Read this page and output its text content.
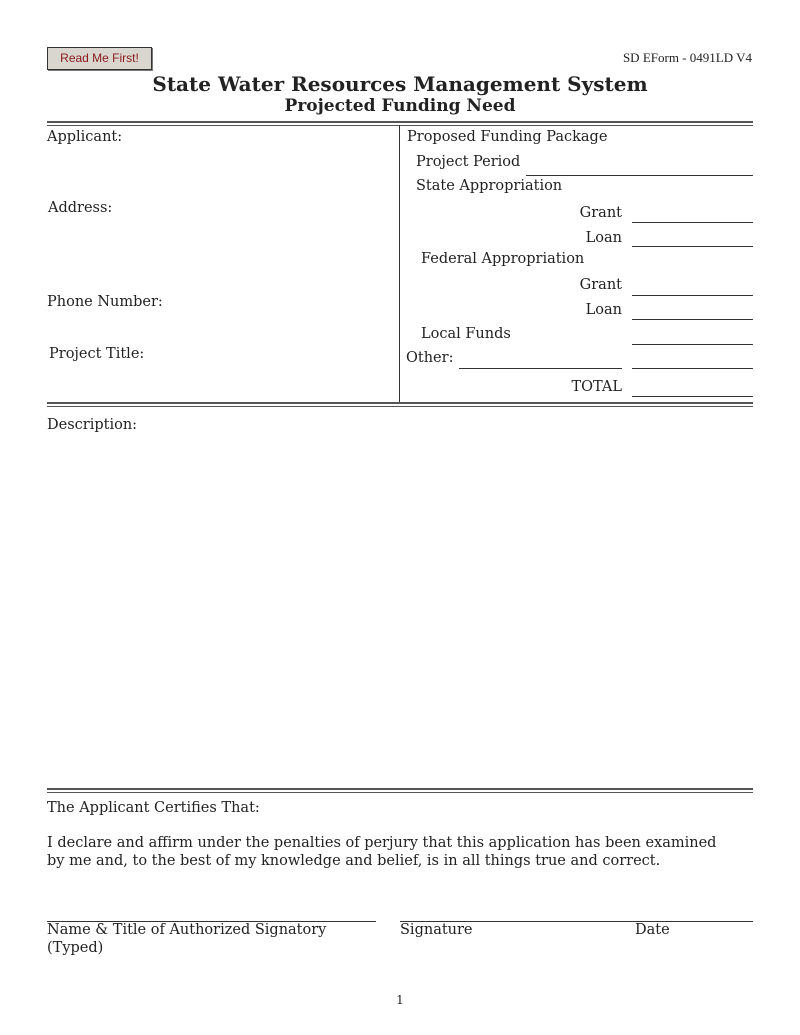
Read Me First!	SD EForm - 0491LD V4
State Water Resources Management System
Projected Funding Need
Applicant:
Address:
Phone Number:
Project Title:
Proposed Funding Package
Project Period
State Appropriation
Grant
Loan
Federal Appropriation
Grant
Loan
Local Funds
Other:
TOTAL
Description:
The Applicant Certifies That:
I declare and affirm under the penalties of perjury that this application has been examined
by me and, to the best of my knowledge and belief, is in all things true and correct.
Name & Title of Authorized Signatory
(Typed)
Signature	Date
1
